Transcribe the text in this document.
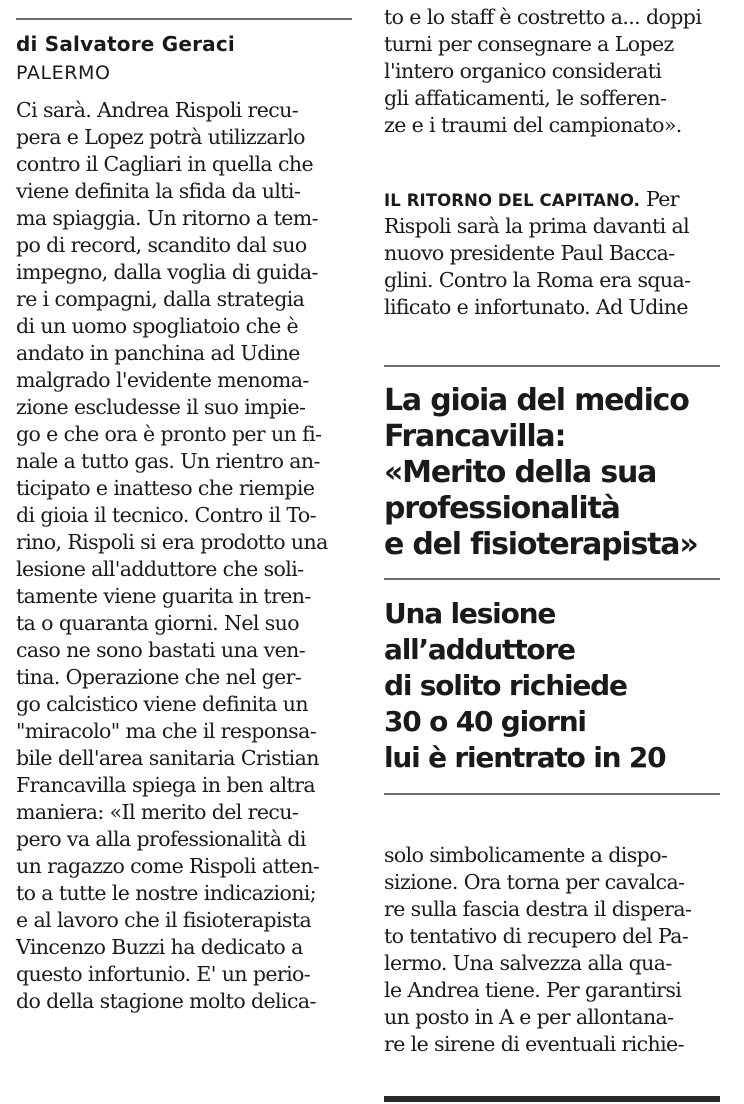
di Salvatore Geraci
PALERMO
Ci sarà. Andrea Rispoli recu-
pera e Lopez potrà utilizzarlo
contro il Cagliari in quella che
viene definita la sfida da ulti-
ma spiaggia. Un ritorno a tem-
po di record, scandito dal suo
impegno, dalla voglia di guida-
re i compagni, dalla strategia
di un uomo spogliatoio che è
andato in panchina ad Udine
malgrado l'evidente menoma-
zione escludesse il suo impie-
go e che ora è pronto per un fi-
nale a tutto gas. Un rientro an-
ticipato e inatteso che riempie
di gioia il tecnico. Contro il To-
rino, Rispoli si era prodotto una
lesione all'adduttore che soli-
tamente viene guarita in tren-
ta o quaranta giorni. Nel suo
caso ne sono bastati una ven-
tina. Operazione che nel ger-
go calcistico viene definita un
"miracolo" ma che il responsa-
bile dell'area sanitaria Cristian
Francavilla spiega in ben altra
maniera: «Il merito del recu-
pero va alla professionalità di
un ragazzo come Rispoli atten-
to a tutte le nostre indicazioni;
e al lavoro che il fisioterapista
Vincenzo Buzzi ha dedicato a
questo infortunio. E' un perio-
do della stagione molto delica-
to e lo staff è costretto a... doppi
turni per consegnare a Lopez
l'intero organico considerati
gli affaticamenti, le sofferen-
ze e i traumi del campionato».
IL RITORNO DEL CAPITANO. Per
Rispoli sarà la prima davanti al
nuovo presidente Paul Bacca-
glini. Contro la Roma era squa-
lificato e infortunato. Ad Udine
La gioia del medico
Francavilla:
«Merito della sua
professionalità
e del fisioterapista»
Una lesione
all’adduttore
di solito richiede
30 o 40 giorni
lui è rientrato in 20
solo simbolicamente a dispo-
sizione. Ora torna per cavalca-
re sulla fascia destra il dispera-
to tentativo di recupero del Pa-
lermo. Una salvezza alla qua-
le Andrea tiene. Per garantirsi
un posto in A e per allontana-
re le sirene di eventuali richie-
